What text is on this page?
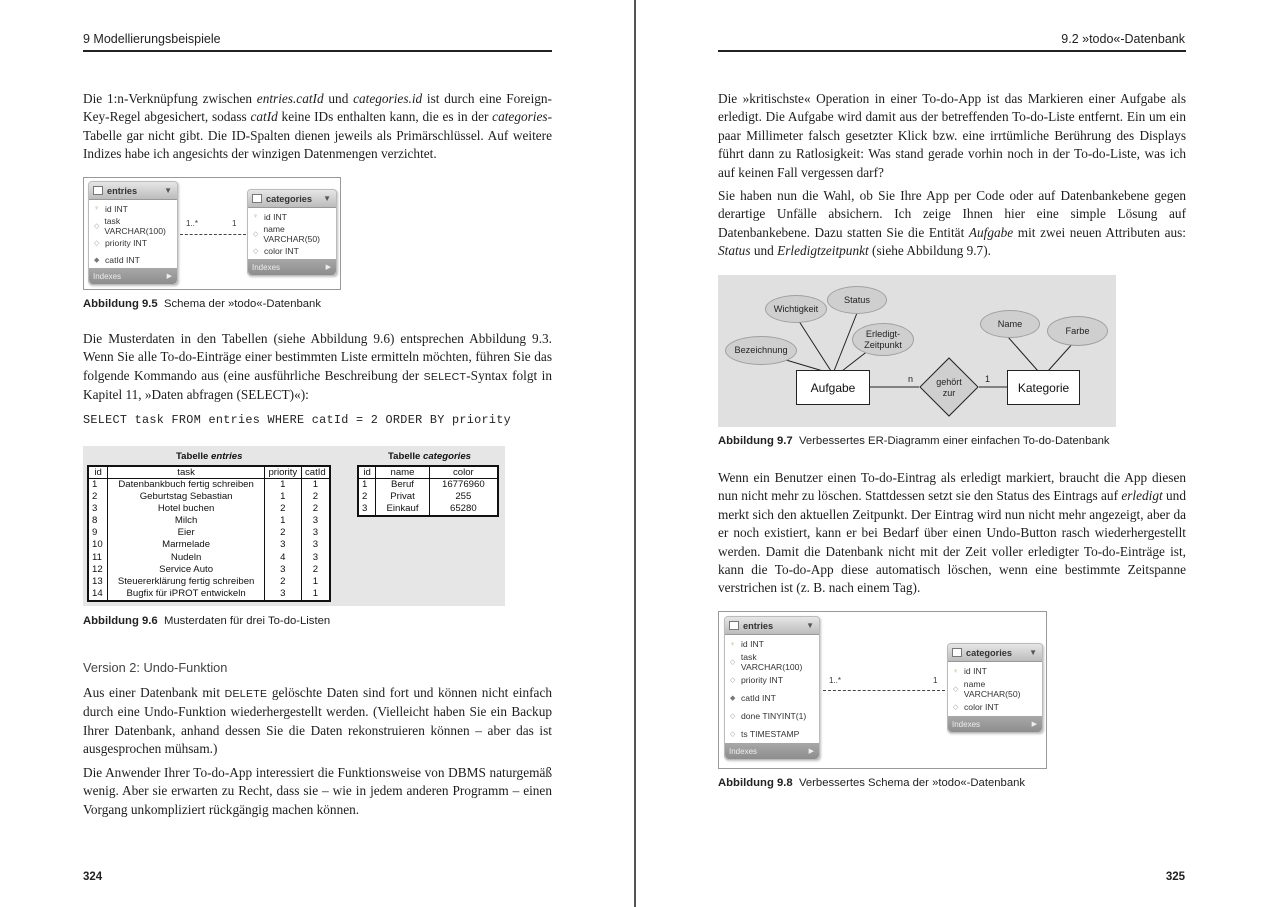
9 Modellierungsbeispiele
Die 1:n-Verknüpfung zwischen entries.catId und categories.id ist durch eine Foreign-Key-Regel abgesichert, sodass catId keine IDs enthalten kann, die es in der categories-Tabelle gar nicht gibt. Die ID-Spalten dienen jeweils als Primärschlüssel. Auf weitere Indizes habe ich angesichts der winzigen Datenmengen verzichtet.
entries	▼
♀ id INT
◇
task VARCHAR(100)
◇ priority INT
◆ catId INT
Indexes	▶
categories ▼
♀ id INT
◇
name VARCHAR(50)
◇ color INT
Indexes	▶
1..*	1
Abbildung 9.5 Schema der »todo«-Datenbank
Die Musterdaten in den Tabellen (siehe Abbildung 9.6) entsprechen Abbildung 9.3. Wenn Sie alle To-do-Einträge einer bestimmten Liste ermitteln möchten, führen Sie das folgende Kommando aus (eine ausführliche Beschreibung der SELECT-Syntax folgt in Kapitel 11, »Daten abfragen (SELECT)«):
SELECT task FROM entries WHERE catId = 2 ORDER BY priority
Tabelle entries	Tabelle categories
id	task	priority	catId
1	Datenbankbuch fertig schreiben	1	1
2	Geburtstag Sebastian	1	2
3	Hotel buchen	2	2
8	Milch	1	3
9	Eier	2	3
10	Marmelade	3	3
11	Nudeln	4	3
12	Service Auto	3	2
13	Steuererklärung fertig schreiben	2	1
14	Bugfix für iPROT entwickeln	3	1
id	name	color
1	Beruf	16776960
2	Privat	255
3	Einkauf	65280
Abbildung 9.6 Musterdaten für drei To-do-Listen
Version 2: Undo-Funktion
Aus einer Datenbank mit DELETE gelöschte Daten sind fort und können nicht einfach durch eine Undo-Funktion wiederhergestellt werden. (Vielleicht haben Sie ein Backup Ihrer Datenbank, anhand dessen Sie die Daten rekonstruieren können – aber das ist ausgesprochen mühsam.)
Die Anwender Ihrer To-do-App interessiert die Funktionsweise von DBMS naturgemäß wenig. Aber sie erwarten zu Recht, dass sie – wie in jedem anderen Programm – einen Vorgang unkompliziert rückgängig machen können.
324
9.2 »todo«-Datenbank
Die »kritischste« Operation in einer To-do-App ist das Markieren einer Aufgabe als erledigt. Die Aufgabe wird damit aus der betreffenden To-do-Liste entfernt. Ein um ein paar Millimeter falsch gesetzter Klick bzw. eine irrtümliche Berührung des Displays führt dann zu Ratlosigkeit: Was stand gerade vorhin noch in der To-do-Liste, was ich auf keinen Fall vergessen darf?
Sie haben nun die Wahl, ob Sie Ihre App per Code oder auf Datenbankebene gegen derartige Unfälle absichern. Ich zeige Ihnen hier eine simple Lösung auf Datenbankebene. Dazu statten Sie die Entität Aufgabe mit zwei neuen Attributen aus: Status und Erledigtzeitpunkt (siehe Abbildung 9.7).
Wichtigkeit
Status
Bezeichnung
Erledigt-
Zeitpunkt
Name
Farbe
Aufgabe	Kategorie
gehört
zur
n	1
Abbildung 9.7 Verbessertes ER-Diagramm einer einfachen To-do-Datenbank
Wenn ein Benutzer einen To-do-Eintrag als erledigt markiert, braucht die App diesen nun nicht mehr zu löschen. Stattdessen setzt sie den Status des Eintrags auf erledigt und merkt sich den aktuellen Zeitpunkt. Der Eintrag wird nun nicht mehr angezeigt, aber da er noch existiert, kann er bei Bedarf über einen Undo-Button rasch wiederhergestellt werden. Damit die Datenbank nicht mit der Zeit voller erledigter To-do-Einträge ist, kann die To-do-App diese automatisch löschen, wenn eine bestimmte Zeitspanne verstrichen ist (z. B. nach einem Tag).
entries	▼
♀ id INT
◇
task VARCHAR(100)
◇ priority INT
◆ catId INT
◇ done TINYINT(1)
◇ ts TIMESTAMP
Indexes	▶
categories ▼
♀ id INT
◇
name VARCHAR(50)
◇ color INT
Indexes	▶
1..*	1
Abbildung 9.8 Verbessertes Schema der »todo«-Datenbank
325
